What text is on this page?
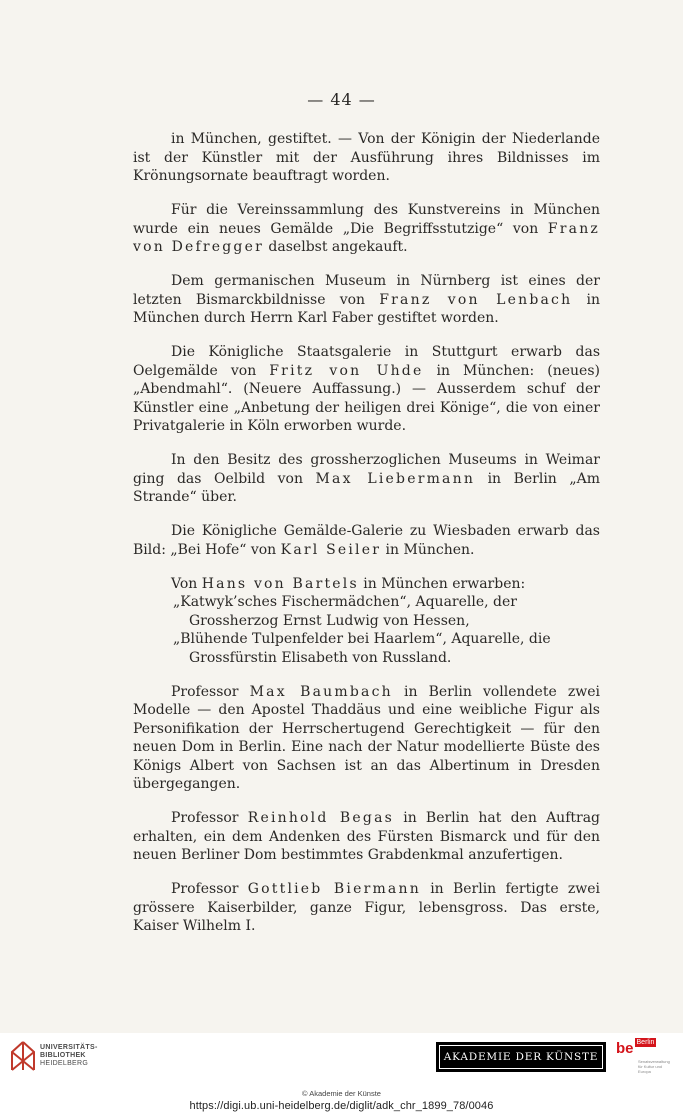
— 44 —

in München, gestiftet. — Von der Königin der Niederlande ist der Künstler mit der Ausführung ihres Bildnisses im Krönungsornate beauftragt worden.

Für die Vereinssammlung des Kunstvereins in München wurde ein neues Gemälde „Die Begriffsstutzige“ von Franz von Defregger daselbst angekauft.

Dem germanischen Museum in Nürnberg ist eines der letzten Bismarckbildnisse von Franz von Lenbach in München durch Herrn Karl Faber gestiftet worden.

Die Königliche Staatsgalerie in Stuttgurt erwarb das Oelgemälde von Fritz von Uhde in München: (neues) „Abendmahl“. (Neuere Auffassung.) — Ausserdem schuf der Künstler eine „Anbetung der heiligen drei Könige“, die von einer Privatgalerie in Köln erworben wurde.

In den Besitz des grossherzoglichen Museums in Weimar ging das Oelbild von Max Liebermann in Berlin „Am Strande“ über.

Die Königliche Gemälde-Galerie zu Wiesbaden erwarb das Bild: „Bei Hofe“ von Karl Seiler in München.

Von Hans von Bartels in München erwarben:

„Katwyk’sches Fischermädchen“, Aquarelle, der Grossherzog Ernst Ludwig von Hessen,

„Blühende Tulpenfelder bei Haarlem“, Aquarelle, die Grossfürstin Elisabeth von Russland.

Professor Max Baumbach in Berlin vollendete zwei Modelle — den Apostel Thaddäus und eine weibliche Figur als Personifikation der Herrschertugend Gerechtigkeit — für den neuen Dom in Berlin. Eine nach der Natur modellierte Büste des Königs Albert von Sachsen ist an das Albertinum in Dresden übergegangen.

Professor Reinhold Begas in Berlin hat den Auftrag erhalten, ein dem Andenken des Fürsten Bismarck und für den neuen Berliner Dom bestimmtes Grabdenkmal anzufertigen.

Professor Gottlieb Biermann in Berlin fertigte zwei grössere Kaiserbilder, ganze Figur, lebensgross. Das erste, Kaiser Wilhelm I.

UNIVERSITÄTS-
BIBLIOTHEK
HEIDELBERG
AKADEMIE DER KÜNSTE	be Berlin
Senatsverwaltung
für Kultur und Europa
© Akademie der Künste
https://digi.ub.uni-heidelberg.de/diglit/adk_chr_1899_78/0046
